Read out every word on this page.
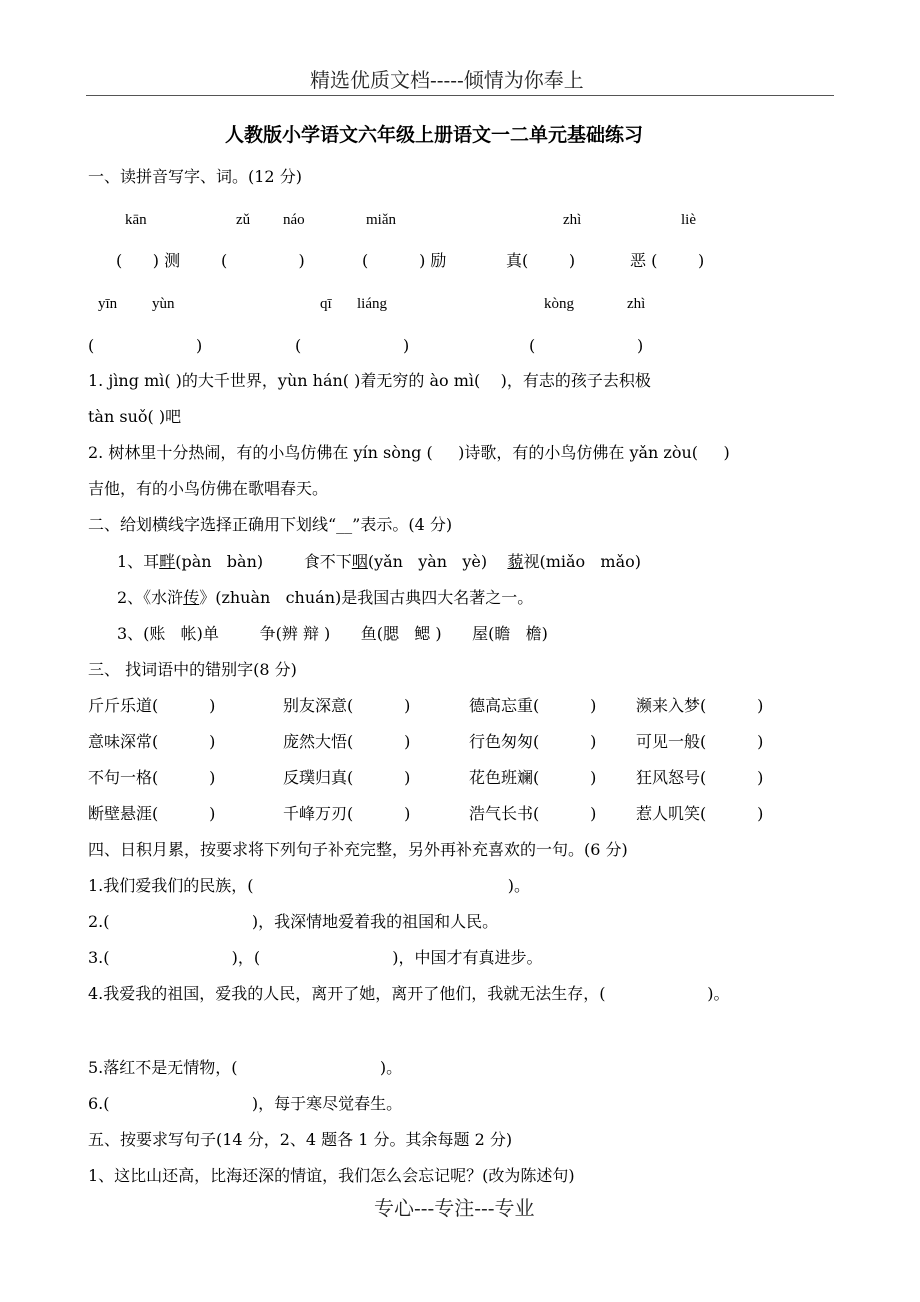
精选优质文档-----倾情为你奉上
人教版小学语文六年级上册语文一二单元基础练习
一、读拼音写字、词。(12 分)
kān	zǔ náo	miǎn	zhì	liè
(      ) 测	(              )	(          ) 励	真(        )	恶 (        )
yīn yùn	qī liáng	kòng	zhì
(                    )	(                    )	(                    )
1. jìng mì( )的大千世界，yùn hán( )着无穷的 ào mì(    )，有志的孩子去积极
tàn suǒ( )吧
2. 树林里十分热闹，有的小鸟仿佛在 yín sòng (     )诗歌，有的小鸟仿佛在 yǎn zòu(     )
吉他，有的小鸟仿佛在歌唱春天。
二、给划横线字选择正确用下划线“__”表示。(4 分)
1、耳畔(pàn   bàn)        食不下咽(yǎn   yàn   yè)    藐视(miǎo   mǎo)
2、《水浒传》(zhuàn   chuán)是我国古典四大名著之一。
3、(账   帐)单        争(辨 辩 )      鱼(腮   鳃 )      屋(瞻   檐)
三、 找词语中的错别字(8 分)
斤斤乐道(          )	别友深意(          )	德高忘重(          ) 濒来入梦(          )
意味深常(          )	庞然大悟(          )	行色匆匆(          ) 可见一般(          )
不句一格(          )	反璞归真(          )	花色班斓(          ) 狂风怒号(          )
断壁悬涯(          )	千峰万刃(          )	浩气长书(          ) 惹人叽笑(          )
四、日积月累，按要求将下列句子补充完整，另外再补充喜欢的一句。(6 分)
1.我们爱我们的民族，(                                                  )。
2.(                            )，我深情地爱着我的祖国和人民。
3.(                        )，(                          )，中国才有真进步。
4.我爱我的祖国，爱我的人民，离开了她，离开了他们，我就无法生存，(                    )。
5.落红不是无情物，(                            )。
6.(                            )，每于寒尽觉春生。
五、按要求写句子(14 分，2、4 题各 1 分。其余每题 2 分)
1、这比山还高，比海还深的情谊，我们怎么会忘记呢？(改为陈述句)
专心---专注---专业
